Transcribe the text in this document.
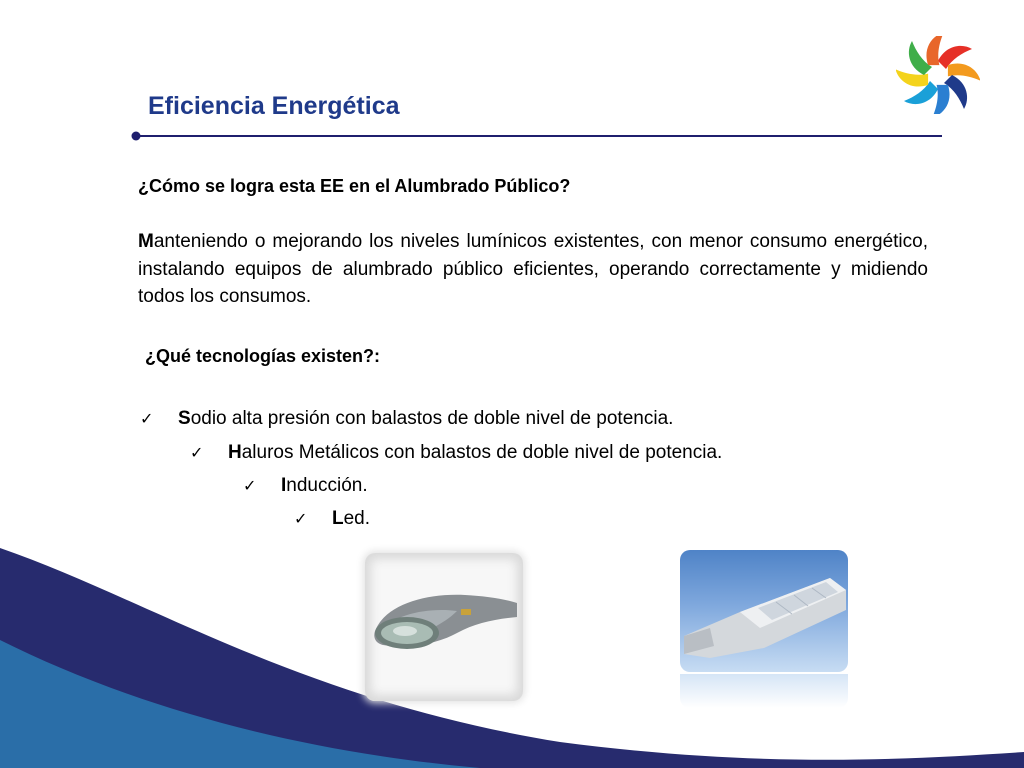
Eficiencia Energética

¿Cómo se logra esta EE en el Alumbrado Público?

Manteniendo o mejorando los niveles lumínicos existentes, con menor consumo energético, instalando equipos de alumbrado público eficientes, operando correctamente y midiendo todos los consumos.

¿Qué tecnologías existen?:

✓ Sodio alta presión con balastos de doble nivel de potencia.
✓ Haluros Metálicos con balastos de doble nivel de potencia.
✓ Inducción.
✓ Led.
